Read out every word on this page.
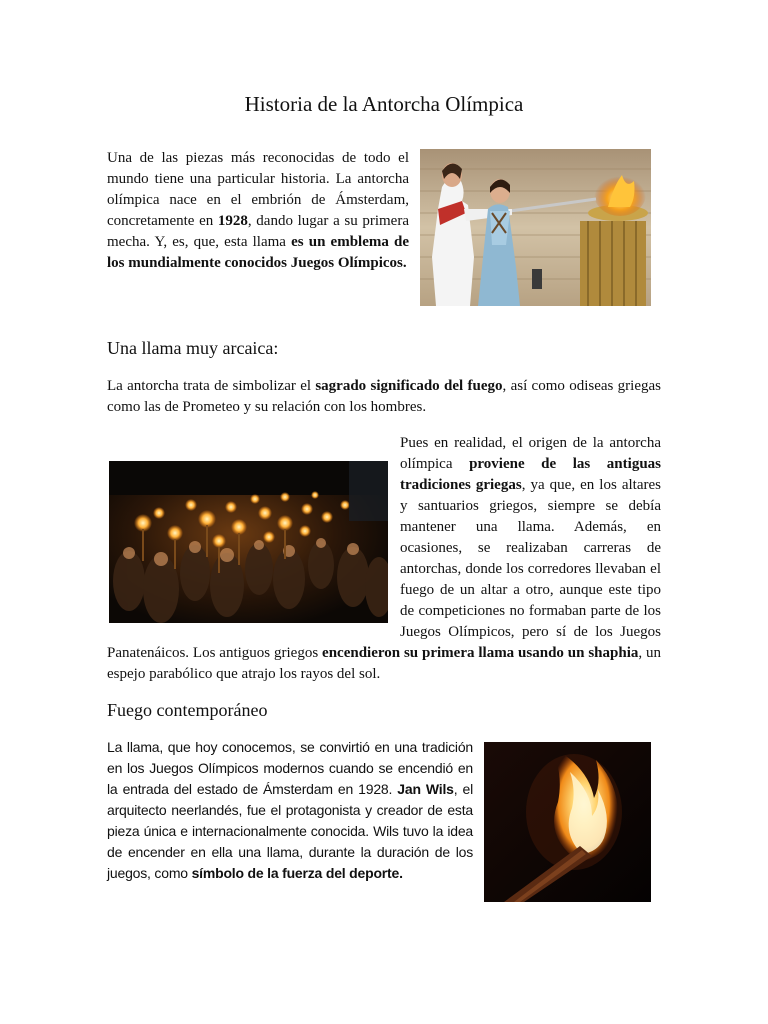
Historia de la Antorcha Olímpica

Una de las piezas más reconocidas de todo el mundo tiene una particular historia. La antorcha olímpica nace en el embrión de Ámsterdam, concretamente en 1928, dando lugar a su primera mecha. Y, es, que, esta llama es un emblema de los mundialmente conocidos Juegos Olímpicos.

Una llama muy arcaica:

La antorcha trata de simbolizar el sagrado significado del fuego, así como odiseas griegas como las de Prometeo y su relación con los hombres.

Pues en realidad, el origen de la antorcha olímpica proviene de las antiguas tradiciones griegas, ya que, en los altares y santuarios griegos, siempre se debía mantener una llama. Además, en ocasiones, se realizaban carreras de antorchas, donde los corredores llevaban el fuego de un altar a otro, aunque este tipo de competiciones no formaban parte de los Juegos Olímpicos, pero sí de los Juegos Panatenáicos. Los antiguos griegos encendieron su primera llama usando un shaphia, un espejo parabólico que atrajo los rayos del sol.

Fuego contemporáneo

La llama, que hoy conocemos, se convirtió en una tradición en los Juegos Olímpicos modernos cuando se encendió en la entrada del estado de Ámsterdam en 1928. Jan Wils, el arquitecto neerlandés, fue el protagonista y creador de esta pieza única e internacionalmente conocida. Wils tuvo la idea de encender en ella una llama, durante la duración de los juegos, como símbolo de la fuerza del deporte.
